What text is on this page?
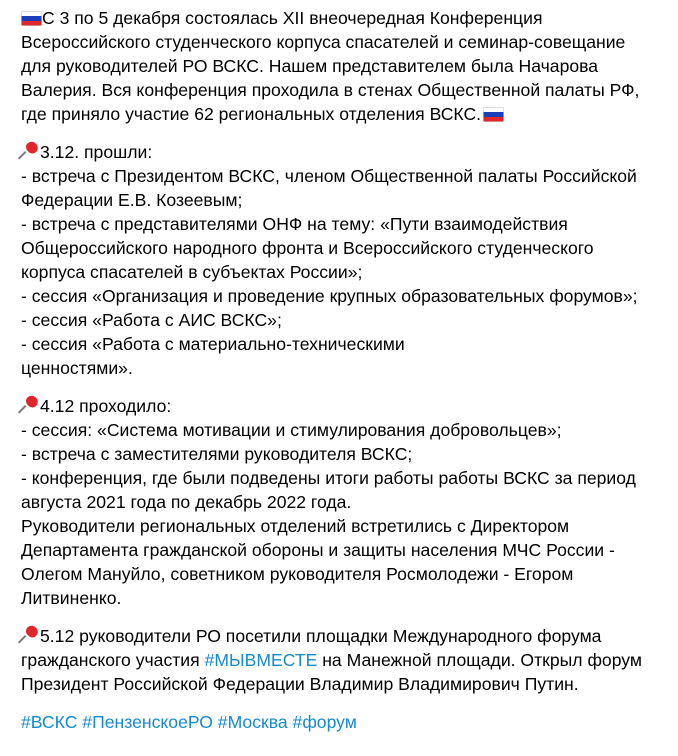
С 3 по 5 декабря состоялась XII внеочередная Конференция
Всероссийского студенческого корпуса спасателей и семинар-совещание
для руководителей РО ВСКС. Нашем представителем была Начарова
Валерия. Вся конференция проходила в стенах Общественной палаты РФ,
где приняло участие 62 региональных отделения ВСКС.
3.12. прошли:
- встреча с Президентом ВСКС, членом Общественной палаты Российской
Федерации Е.В. Козеевым;
- встреча с представителями ОНФ на тему: «Пути взаимодействия
Общероссийского народного фронта и Всероссийского студенческого
корпуса спасателей в субъектах России»;
- сессия «Организация и проведение крупных образовательных форумов»;
- сессия «Работа с АИС ВСКС»;
- сессия «Работа с материально-техническими
ценностями».
4.12 проходило:
- сессия: «Система мотивации и стимулирования добровольцев»;
- встреча с заместителями руководителя ВСКС;
- конференция, где были подведены итоги работы работы ВСКС за период
августа 2021 года по декабрь 2022 года.
Руководители региональных отделений встретились с Директором
Департамента гражданской обороны и защиты населения МЧС России -
Олегом Мануйло, советником руководителя Росмолодежи - Егором
Литвиненко.
5.12 руководители РО посетили площадки Международного форума
гражданского участия #МЫВМЕСТЕ на Манежной площади. Открыл форум
Президент Российской Федерации Владимир Владимирович Путин.
#ВСКС #ПензенскоеРО #Москва #форум
